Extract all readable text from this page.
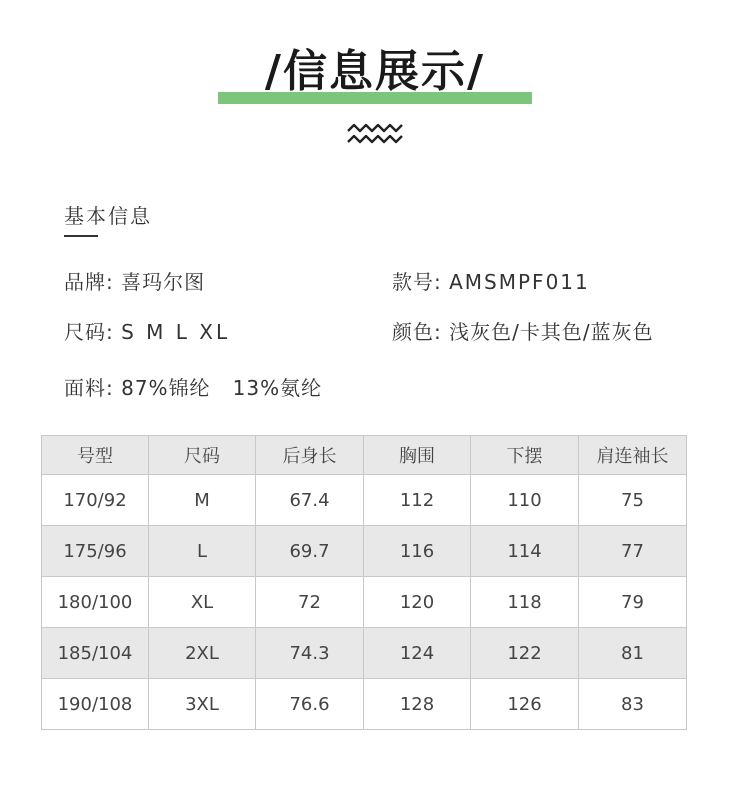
/信息展示/
基本信息
品牌: 喜玛尔图	款号: AMSMPF011
尺码: S M L XL	颜色: 浅灰色/卡其色/蓝灰色
面料: 87%锦纶   13%氨纶
号型	尺码	后身长	胸围	下摆	肩连袖长
170/92	M	67.4	112	110	75
175/96	L	69.7	116	114	77
180/100	XL	72	120	118	79
185/104	2XL	74.3	124	122	81
190/108	3XL	76.6	128	126	83
